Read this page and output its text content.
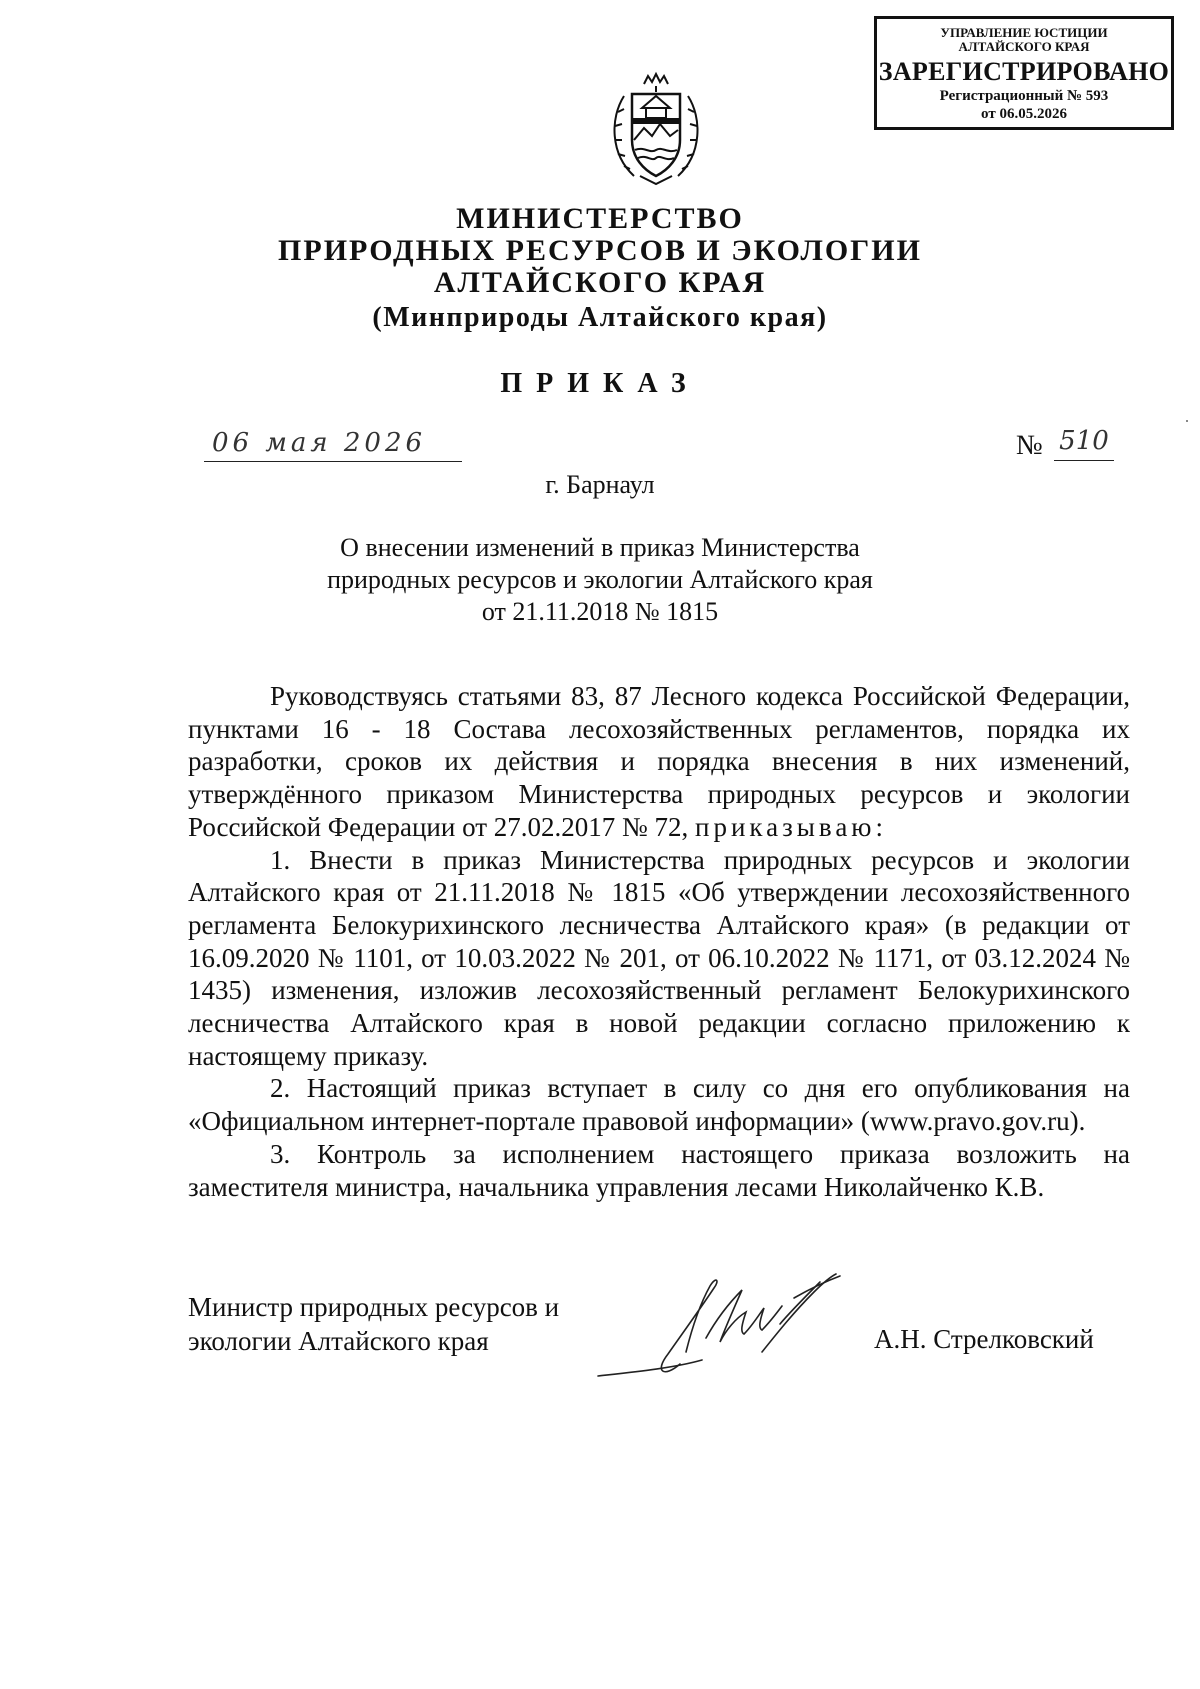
УПРАВЛЕНИЕ ЮСТИЦИИ
АЛТАЙСКОГО КРАЯ
ЗАРЕГИСТРИРОВАНО
Регистрационный № 593
от 06.05.2026
МИНИСТЕРСТВО
ПРИРОДНЫХ РЕСУРСОВ И ЭКОЛОГИИ
АЛТАЙСКОГО КРАЯ
(Минприроды Алтайского края)
ПРИКАЗ
06 мая 2026	№ 510
г. Барнаул
О внесении изменений в приказ Министерства
природных ресурсов и экологии Алтайского края
от 21.11.2018 № 1815

Руководствуясь статьями 83, 87 Лесного кодекса Российской Федерации, пунктами 16 - 18 Состава лесохозяйственных регламентов, порядка их разработки, сроков их действия и порядка внесения в них изменений, утверждённого приказом Министерства природных ресурсов и экологии Российской Федерации от 27.02.2017 № 72, приказываю:

1. Внести в приказ Министерства природных ресурсов и экологии Алтайского края от 21.11.2018 № 1815 «Об утверждении лесохозяйственного регламента Белокурихинского лесничества Алтайского края» (в редакции от 16.09.2020 № 1101, от 10.03.2022 № 201, от 06.10.2022 № 1171, от 03.12.2024 № 1435) изменения, изложив лесохозяйственный регламент Белокурихинского лесничества Алтайского края в новой редакции согласно приложению к настоящему приказу.

2. Настоящий приказ вступает в силу со дня его опубликования на «Официальном интернет-портале правовой информации» (www.pravo.gov.ru).

3. Контроль за исполнением настоящего приказа возложить на заместителя министра, начальника управления лесами Николайченко К.В.

Министр природных ресурсов и
экологии Алтайского края	А.Н. Стрелковский
